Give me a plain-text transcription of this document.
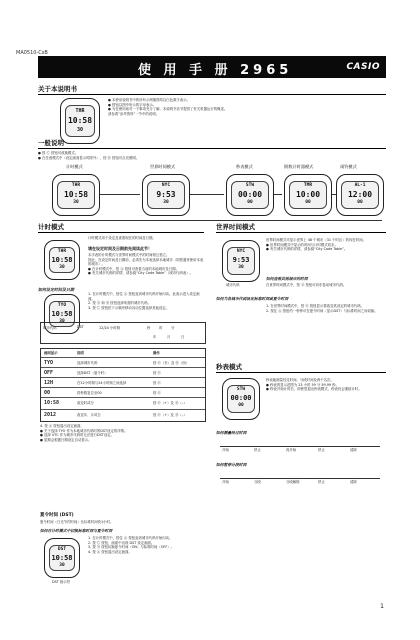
MA0510-CsB
使 用 手 册 2965	CASIO
关于本说明书
THR
10:58
30
● 本使用说明书中的所有示例插图均以白色数字表示。
● 按钮以图中所示的字母表示。
● 为在使用前对一下事项充分了解，本说明书各节提供了有关机器运行的概述。
请参看“参考资料”一节中的说明。
一般说明
● 按 Ⓒ 按钮可改换模式。
● 在任意模式中（设定画面显示时除外），按 Ⓑ 按钮可点亮照明。
计时模式	世界时间模式	秒表模式	倒数计时器模式	闹铃模式
THR
10:58
30
NYC
9:53
30
STW
00:00
00
TMR
10:00
00
AL-1
12:00
00
计时模式
THR
10:58
30
计时模式用于设定及查看现在的时间及日期。
请在设定时间及日期前先阅读此节！
本手表的计时模式与世界时间模式中的时间相互独立。
因此，在设定时间及日期前，必须先为本表选择本地城市（即您通常使用本表的城市）。
● 在计时模式中，按 Ⓐ 按钮可查看当前的本地城市及日期。
● 有关城市代码的详情，请参阅“City Code Table”（城市代码表）。
如何设定时间及日期
TYO
10:58
30
1. 在计时模式中，按住 Ⓐ 按钮直到城市代码开始闪动。此表示进入设定画面。
2. 按 Ⓓ 和 Ⓑ 按钮选择所需的城市代码。
3. 按 Ⓒ 按钮依下示顺序移动闪动位置选择其他设定。
城市代码	DST	12/24 小时制	秒	时	分
年	月	日
画面显示	说明	操作
TYO	选择城市代码	按 Ⓓ（东）及 Ⓑ（西）
OFF	选择DST（夏令时）	按 Ⓓ
12H	在12小时制与24小时制之间选择	按 Ⓓ
00	将秒数复位至00	按 Ⓓ
10:58	改变时或分	按 Ⓓ（+）及 Ⓑ（–）
2012	改变年、月或日	按 Ⓓ（+）及 Ⓑ（–）
4. 按 Ⓐ 按钮退出设定画面。
● 关于选择 TYO 作为本地城市代码时的DST设定的详情。
● 选择 UTC 作为城市代码时无法进行DST设定。
● 星期会根据日期设定自动显示。
夏令时间 (DST)
夏令时间（日光节约时间）比标准时间快1小时。
如何在计时模式中切换标准时间与夏令时间
DST
10:58
30
DST 指示符
1. 在计时模式中，按住 Ⓐ 按钮直到城市代码开始闪动。
2. 按 Ⓒ 按钮，画面中出现 DST 设定画面。
3. 按 Ⓓ 按钮切换夏令时间（ON）与标准时间（OFF）。
4. 按 Ⓐ 按钮退出设定画面。
世界时间模式
NYC
9:53
30
城市代码
世界时间模式可显示世界上 48 个城市（31 个时区）的现在时间。
● 世界时间模式中显示的时间与计时模式同步。
● 有关城市代码的详情，请参阅“City Code Table”。
如何查看其他城市的时间
在世界时间模式中，按 Ⓓ 按钮可向东卷动城市代码。
如何为各城市代码设定标准时间或夏令时间
1. 在世界时间模式中，按 Ⓓ 按钮显示要改变其设定的城市代码。
2. 按住 Ⓐ 按钮约一秒钟可在夏令时间（显示DST）与标准时间之间切换。
秒表模式
STW
00:00
00
秒表能测量经过时间、分段时间及两个名次。
● 秒表的显示范围为 23 小时 59 分 59.99 秒。
● 秒表开始计时后，即使您退出秒表模式，秒表仍会继续计时。
如何测量经过时间
开始	停止	再开始	停止	清除
如何暂停分段时间
开始	分段	分段解除	停止	清除
1
